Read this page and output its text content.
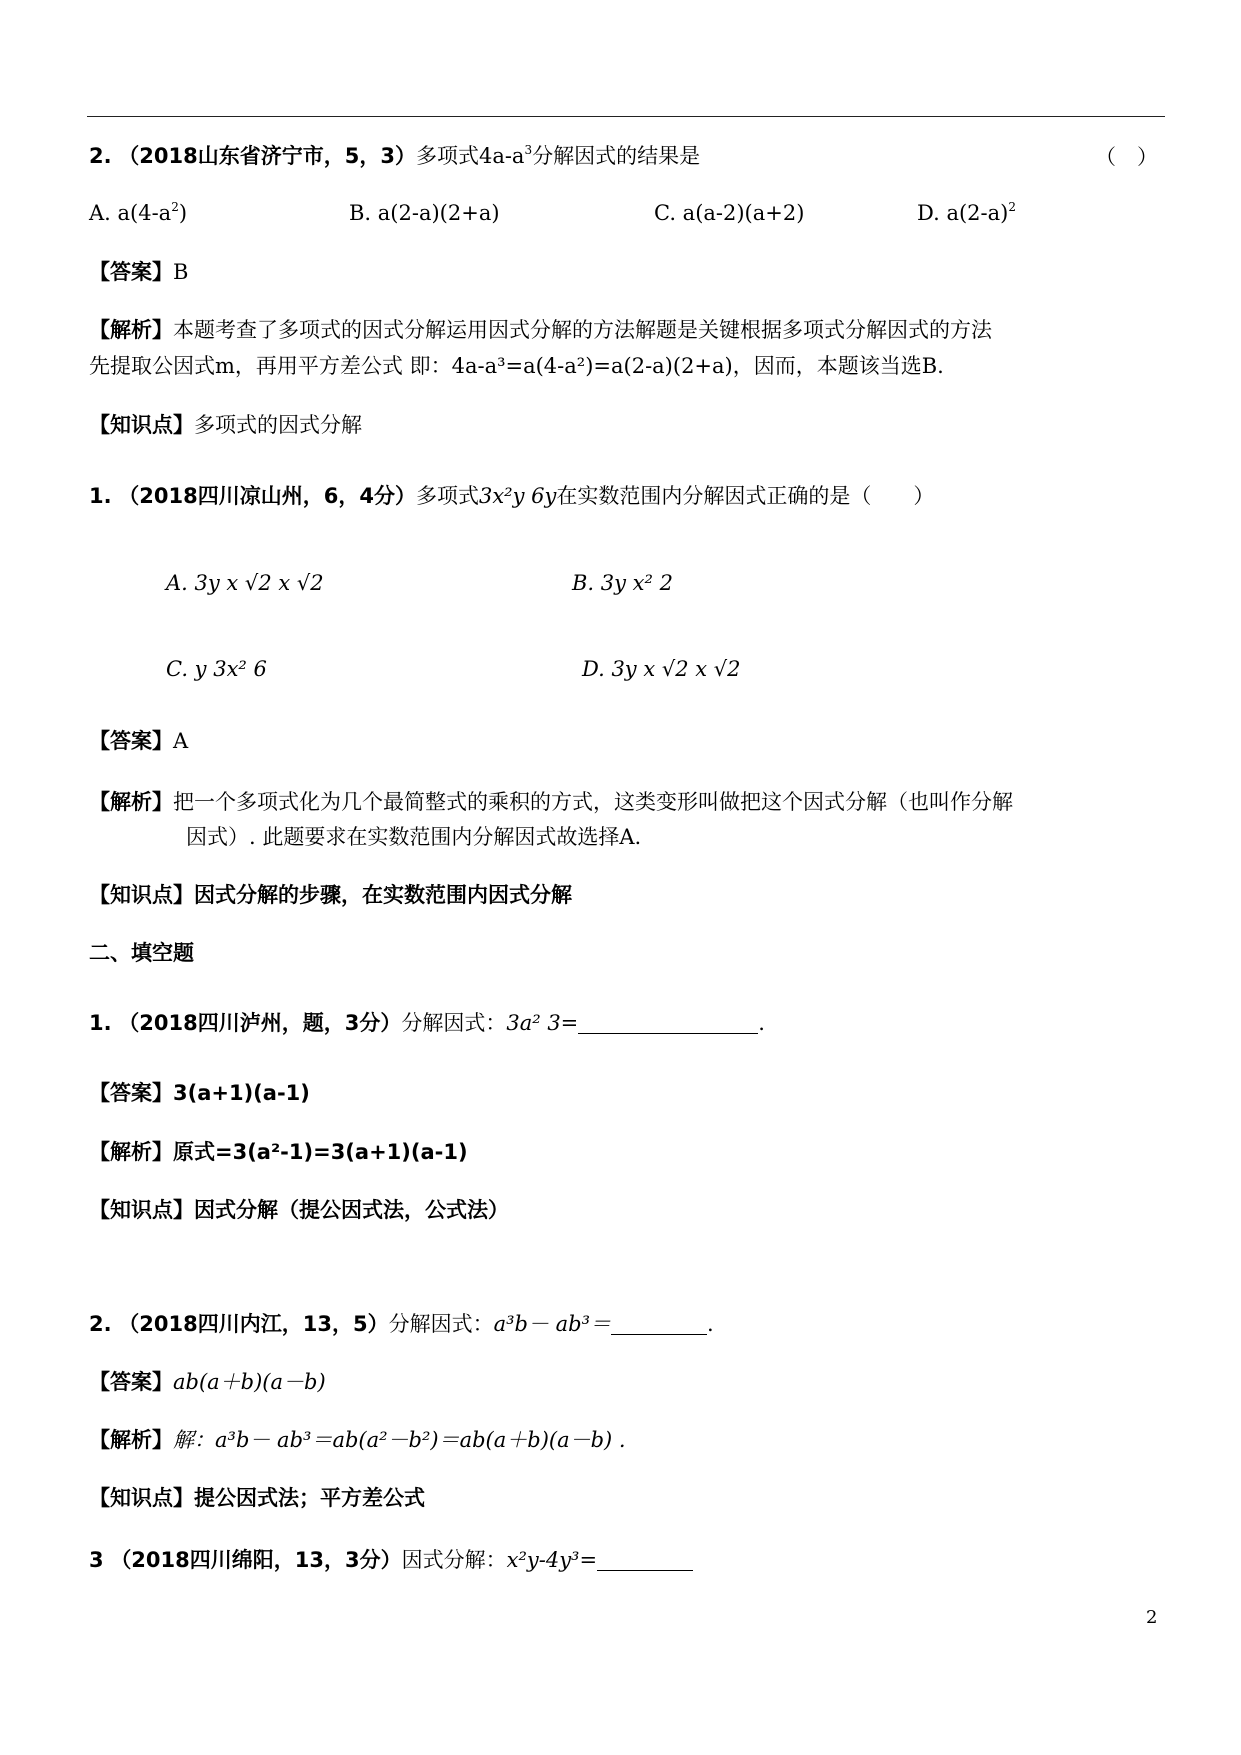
2. （2018山东省济宁市，5，3）多项式$4a-a^3$分解因式的结果是	（　）
A. $a(4-a^2)$	B. a(2-a)(2+a)	C. a(a-2)(a+2)	D. $a(2-a)^2$
【答案】B
【解析】本题考查了多项式的因式分解运用因式分解的方法解题是关键根据多项式分解因式的方法
先提取公因式m，再用平方差公式 即：4a-a³=a(4-a²)=a(2-a)(2+a)，因而，本题该当选B.
【知识点】多项式的因式分解
1. （2018四川凉山州，6，4分）多项式3x²y 6y在实数范围内分解因式正确的是（　　）
A. 3y x √2 x √2	B. 3y x² 2
C. y 3x² 6	D. 3y x √2 x √2
【答案】A
【解析】把一个多项式化为几个最简整式的乘积的方式，这类变形叫做把这个因式分解（也叫作分解
因式）. 此题要求在实数范围内分解因式故选择A.
【知识点】因式分解的步骤，在实数范围内因式分解
二、填空题
1. （2018四川泸州，题，3分）分解因式：3a² 3=	.
【答案】3(a+1)(a-1)
【解析】原式=3(a²-1)=3(a+1)(a-1)
【知识点】因式分解（提公因式法，公式法）
2. （2018四川内江，13，5）分解因式：a³b－ ab³＝	.
【答案】ab(a＋b)(a－b)
【解析】解：a³b－ ab³＝ab(a²－b²)＝ab(a＋b)(a－b) .
【知识点】提公因式法；平方差公式
3 （2018四川绵阳，13，3分）因式分解：x²y-4y³=
2
